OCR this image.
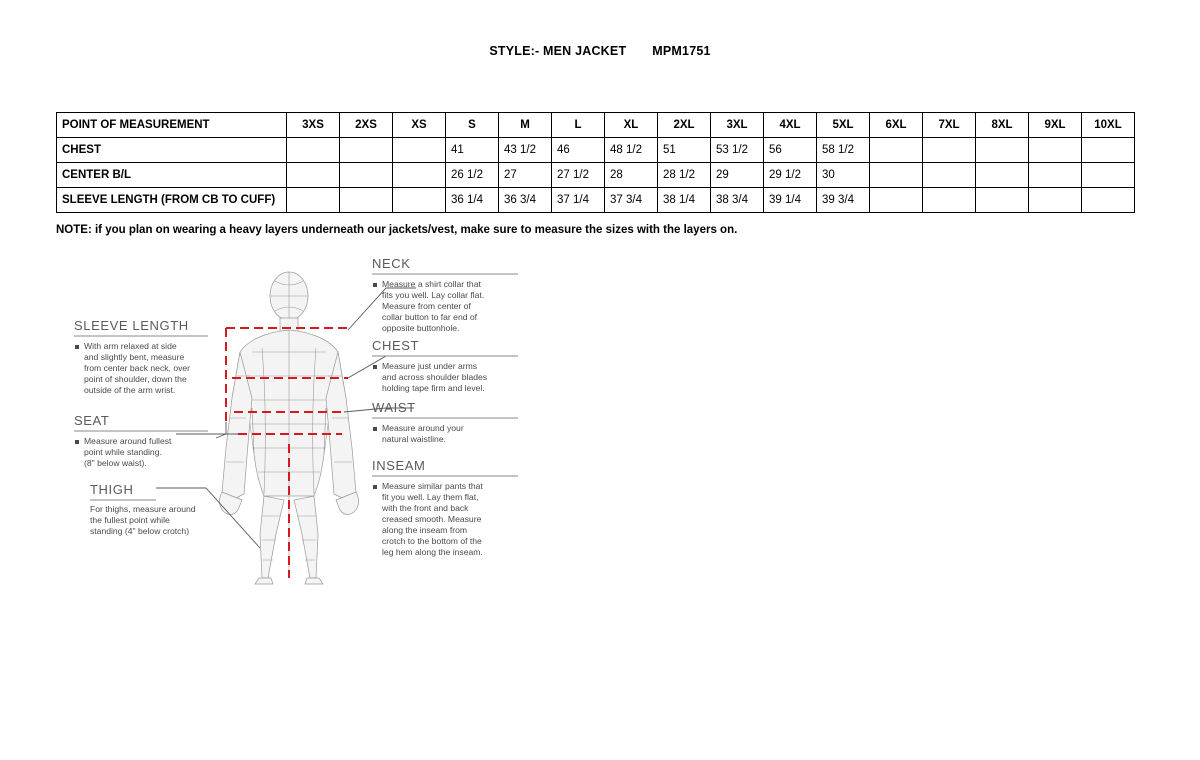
STYLE:- MEN JACKET MPM1751
POINT OF MEASUREMENT	3XS	2XS	XS	S	M	L	XL	2XL	3XL	4XL	5XL	6XL	7XL	8XL	9XL	10XL
CHEST				41	43 1/2	46	48 1/2	51	53 1/2	56	58 1/2					
CENTER B/L				26 1/2	27	27 1/2	28	28 1/2	29	29 1/2	30					
SLEEVE LENGTH (FROM CB TO CUFF)				36 1/4	36 3/4	37 1/4	37 3/4	38 1/4	38 3/4	39 1/4	39 3/4					
NOTE: if you plan on wearing a heavy layers underneath our jackets/vest, make sure to measure the sizes with the layers on.
SLEEVE LENGTH
With arm relaxed at side
and slightly bent, measure
from center back neck, over
point of shoulder, down the
outside of the arm wrist.
SEAT
Measure around fullest
point while standing.
(8" below waist).
THIGH
For thighs, measure around
the fullest point while
standing (4" below crotch)
NECK
Measure a shirt collar that
fits you well. Lay collar flat.
Measure from center of
collar button to far end of
opposite buttonhole.
CHEST
Measure just under arms
and across shoulder blades
holding tape firm and level.
WAIST
Measure around your
natural waistline.
INSEAM
Measure similar pants that
fit you well. Lay them flat,
with the front and back
creased smooth. Measure
along the inseam from
crotch to the bottom of the
leg hem along the inseam.
